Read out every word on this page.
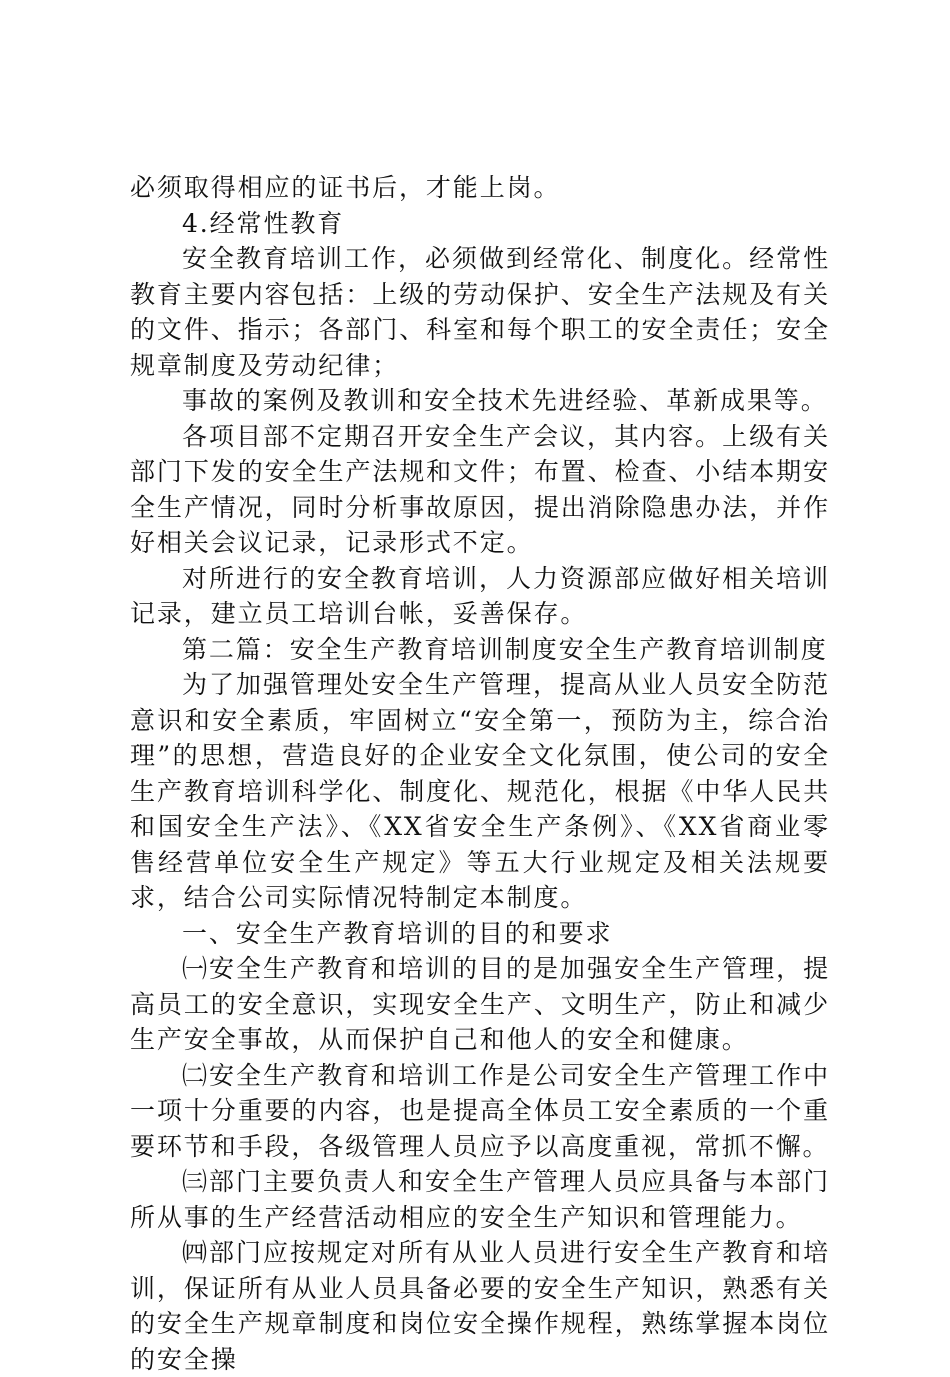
必须取得相应的证书后，才能上岗。

4.经常性教育

安全教育培训工作，必须做到经常化、制度化。经常性教育主要内容包括：上级的劳动保护、安全生产法规及有关的文件、指示；各部门、科室和每个职工的安全责任；安全规章制度及劳动纪律；

事故的案例及教训和安全技术先进经验、革新成果等。

各项目部不定期召开安全生产会议，其内容。上级有关部门下发的安全生产法规和文件；布置、检查、小结本期安全生产情况，同时分析事故原因，提出消除隐患办法，并作好相关会议记录，记录形式不定。

对所进行的安全教育培训，人力资源部应做好相关培训记录，建立员工培训台帐，妥善保存。

第二篇：安全生产教育培训制度安全生产教育培训制度

为了加强管理处安全生产管理，提高从业人员安全防范意识和安全素质，牢固树立“安全第一，预防为主，综合治理”的思想，营造良好的企业安全文化氛围，使公司的安全生产教育培训科学化、制度化、规范化，根据《中华人民共和国安全生产法》、《XX省安全生产条例》、《XX省商业零售经营单位安全生产规定》等五大行业规定及相关法规要求，结合公司实际情况特制定本制度。

一、安全生产教育培训的目的和要求

㈠安全生产教育和培训的目的是加强安全生产管理，提高员工的安全意识，实现安全生产、文明生产，防止和减少生产安全事故，从而保护自己和他人的安全和健康。

㈡安全生产教育和培训工作是公司安全生产管理工作中一项十分重要的内容，也是提高全体员工安全素质的一个重要环节和手段，各级管理人员应予以高度重视，常抓不懈。

㈢部门主要负责人和安全生产管理人员应具备与本部门所从事的生产经营活动相应的安全生产知识和管理能力。

㈣部门应按规定对所有从业人员进行安全生产教育和培训，保证所有从业人员具备必要的安全生产知识，熟悉有关的安全生产规章制度和岗位安全操作规程，熟练掌握本岗位的安全操
